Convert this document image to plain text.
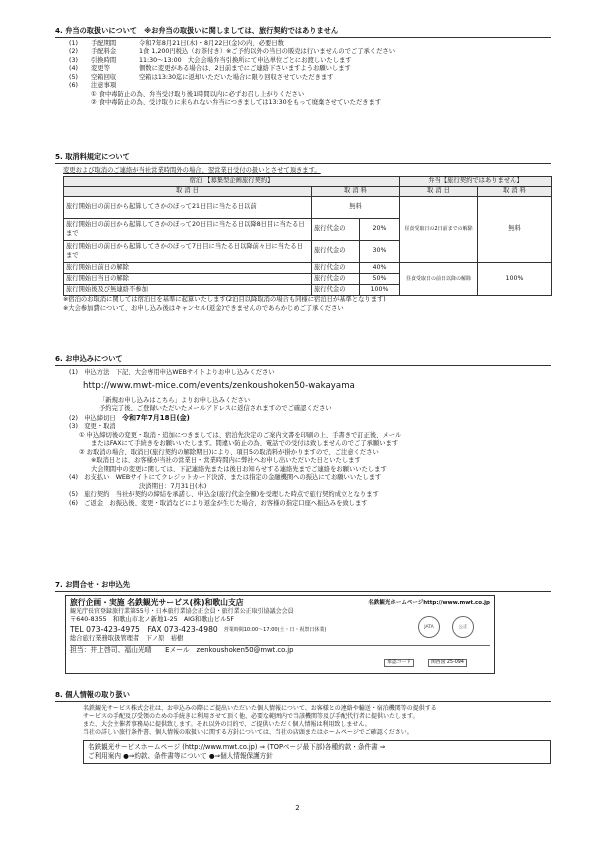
4. 弁当の取扱いについて　※お弁当の取扱いに関しましては、旅行契約ではありません
(1)	手配期間	令和7年8月21日(木)・8月22日(金)の内、必要日数
(2)	手配料金	1食 1,200円税込（お茶付き）※ご予約以外の当日の販売は行いませんのでご了承ください
(3)	引換時間	11:30～13:00　大会会場弁当引換所にて申込単位ごとにお渡しいたします
(4)	変更等	個数に変更がある場合は、2日前までにご連絡下さいますようお願いします
(5)	空箱回収	空箱は13:30迄に返却いただいた場合に限り回収させていただきます
(6)	注意事項
① 食中毒防止の為、弁当受け取り後1時間以内に必ずお召し上がりください
② 食中毒防止の為、受け取りに来られない弁当につきましては13:30をもって廃棄させていただきます
5. 取消料規定について
変更および取消のご連絡が当社営業時間外の場合、翌営業日受付の扱いとさせて頂きます。
宿泊 【募集型企画旅行契約】			弁当【旅行契約ではありません】	
取 消 日	取 消 料		取 消 日	取 消 料
旅行開始日の前日から起算してさかのぼって21日目に当たる日以前	無料		昼食受取日の2日前までの解除	無料
旅行開始日の前日から起算してさかのぼって20日目に当たる日以降8日目に当たる日まで	旅行代金の	20%		
旅行開始日の前日から起算してさかのぼって7日目に当たる日以降前々日に当たる日まで	旅行代金の	30%		
旅行開始日前日の解除	旅行代金の	40%	昼食受取日の前日以降の解除	100%
旅行開始日当日の解除	旅行代金の	50%		
旅行開始後及び無連絡不参加	旅行代金の	100%		
※宿泊のお取消に関しては宿泊日を基準に起算いたします(2泊目以降取消の場合も同様に宿泊日が基準となります)
※大会参加費について、お申し込み後はキャンセル(返金)できませんのであらかじめご了承ください
6. お申込みについて
(1)　申込方法　下記、大会専用申込WEBサイトよりお申し込みください
http://www.mwt-mice.com/events/zenkoushoken50-wakayama
「新規お申し込みはこちら」よりお申し込みください
予約完了後、ご登録いただいたメールアドレスに返信されますのでご確認ください
(2)　申込締切日　令和7年7月18日(金)
(3)　変更・取消
① 申込締切後の変更・取消・追加につきましては、宿泊先決定のご案内文書を印刷の上、手書きで訂正後、メール
またはFAXにて手続きをお願いいたします。間違い防止の為、電話での受付は致しませんのでご了承願います
② お取消の場合、取消日(旅行契約の解除期日)により、項目5の取消料が掛かりますので、ご注意ください
※取消日とは、お客様が当社の営業日・営業時間内に弊社へお申し出いただいた日といたします
大会期間中の変更に関しては、下記連絡先または後日お知らせする連絡先までご連絡をお願いいたします
(4)　お支払い　WEBサイトにてクレジットカード決済、または指定の金融機関への振込にてお願いいたします
決済期日：7月31日(木)
(5)　旅行契約　当社が契約の締結を承諾し、申込金(旅行代金全額)を受理した時点で旅行契約成立となります
(6)　ご返金　お振込後、変更・取消などにより返金が生じた場合、お客様の指定口座へ振込みを致します
7. お問合せ・お申込先
旅行企画・実施 名鉄観光サービス(株)和歌山支店	名鉄観光ホームページhttp://www.mwt.co.jp
観光庁長官登録旅行業第55号・日本旅行業協会正会員・旅行業公正取引協議会会員
〒640-8355　和歌山市北ノ新地1-25　AIG和歌山ビル5F
TEL 073-423-4975　FAX 073-423-4980 営業時間10:00～17:00(土・日・祝祭日休業)
総合旅行業務取扱管理者　下ノ原　裕樹
担当：井上啓司、福山光晴　　Eメール　zenkoushoken50@mwt.co.jp
JATA	公正
承認コード	関西国 25-094
8. 個人情報の取り扱い
名鉄観光サービス株式会社は、お申込みの際にご提出いただいた個人情報について、お客様との連絡や輸送・宿泊機関等の提供する
サービスの手配及び受領のための手続きに利用させて頂く他、必要な範囲内で当該機関等及び手配代行者に提供いたします。
また、大会主催者事務局に提供致します。それ以外の目的で、ご提供いただく個人情報は利用致しません。
当社の詳しい旅行条件書、個人情報の取扱いに関する方針については、当社の店頭またはホームページでご確認ください。
名鉄観光サービスホームページ (http://www.mwt.co.jp) ⇒ (TOPページ最下部)各種約款・条件書 ⇒
ご利用案内 ●⇒約款、条件書等について ●⇒個人情報保護方針
2
